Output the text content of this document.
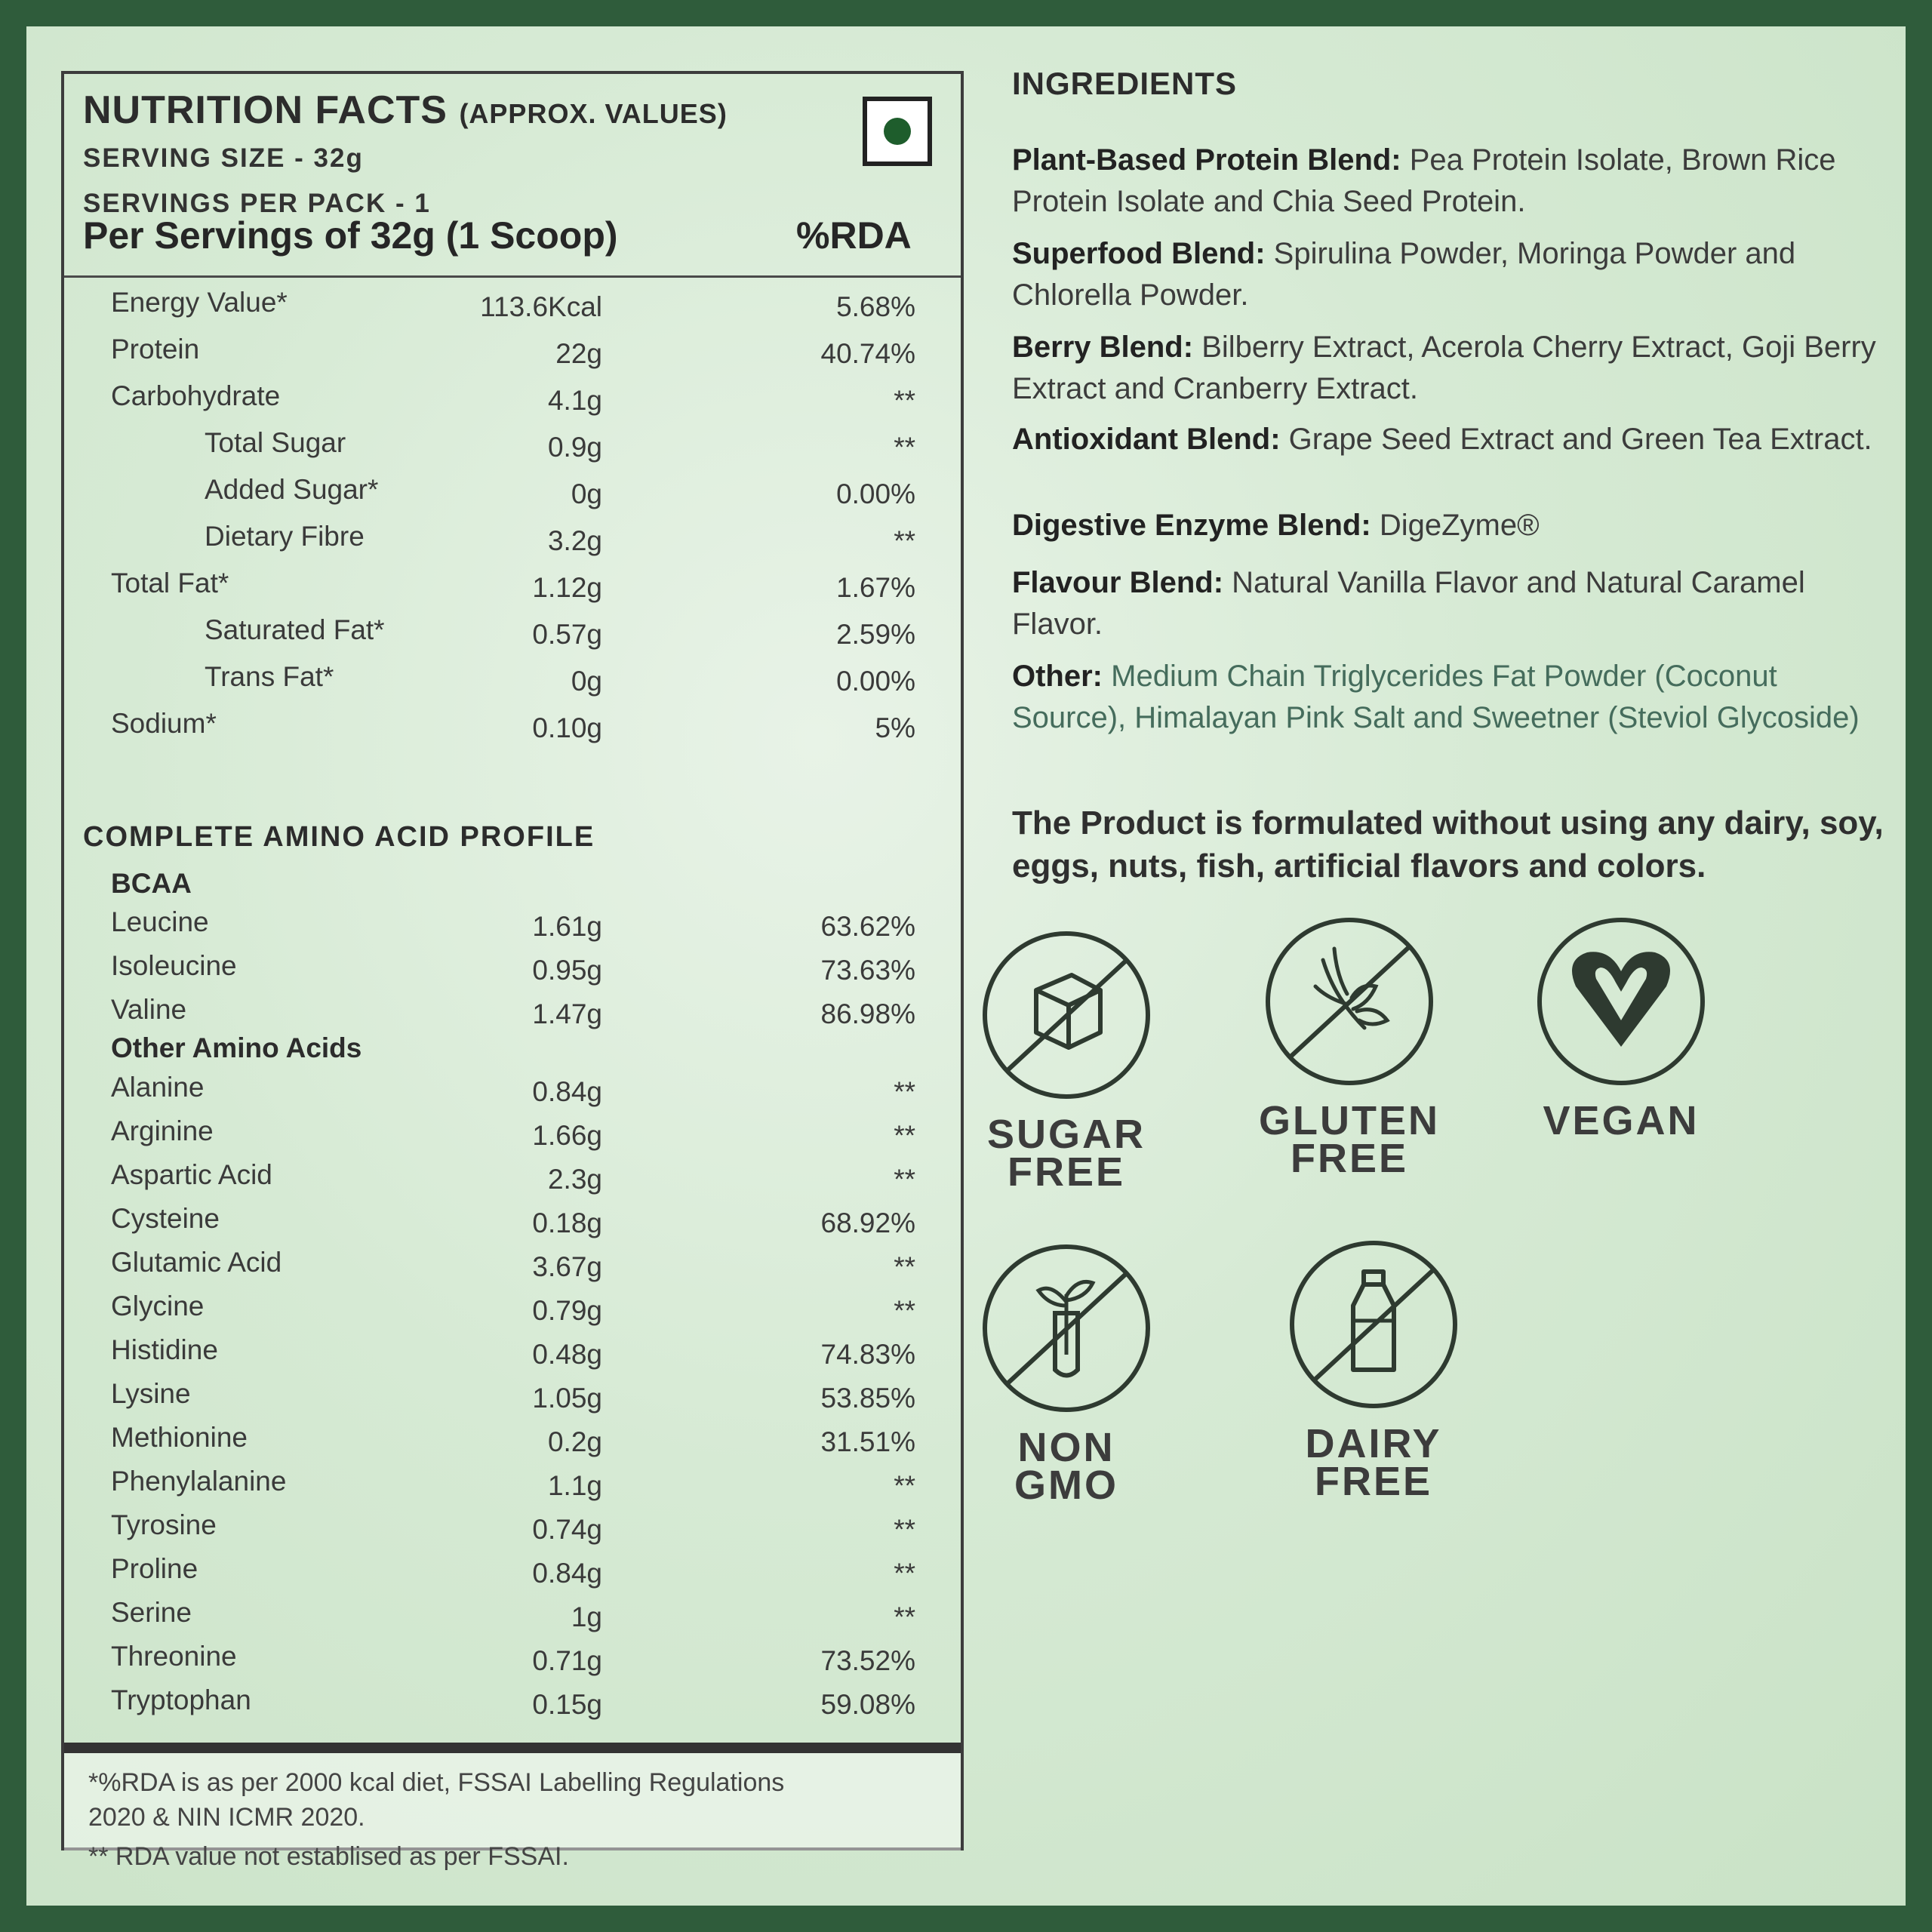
NUTRITION FACTS (APPROX. VALUES)
SERVING SIZE - 32g
SERVINGS PER PACK - 1
Per Servings of 32g (1 Scoop)	%RDA
Energy Value*	113.6Kcal	5.68%
Protein	22g	40.74%
Carbohydrate	4.1g	**
Total Sugar	0.9g	**
Added Sugar*	0g	0.00%
Dietary Fibre	3.2g	**
Total Fat*	1.12g	1.67%
Saturated Fat*	0.57g	2.59%
Trans Fat*	0g	0.00%
Sodium*	0.10g	5%
COMPLETE AMINO ACID PROFILE
BCAA
Leucine	1.61g	63.62%
Isoleucine	0.95g	73.63%
Valine	1.47g	86.98%
Other Amino Acids
Alanine	0.84g	**
Arginine	1.66g	**
Aspartic Acid	2.3g	**
Cysteine	0.18g	68.92%
Glutamic Acid	3.67g	**
Glycine	0.79g	**
Histidine	0.48g	74.83%
Lysine	1.05g	53.85%
Methionine	0.2g	31.51%
Phenylalanine	1.1g	**
Tyrosine	0.74g	**
Proline	0.84g	**
Serine	1g	**
Threonine	0.71g	73.52%
Tryptophan	0.15g	59.08%
*%RDA is as per 2000 kcal diet, FSSAI Labelling Regulations
2020 & NIN ICMR 2020.
** RDA value not establised as per FSSAI.
INGREDIENTS
Plant-Based Protein Blend: Pea Protein Isolate, Brown Rice Protein Isolate and Chia Seed Protein.
Superfood Blend: Spirulina Powder, Moringa Powder and Chlorella Powder.
Berry Blend: Bilberry Extract, Acerola Cherry Extract, Goji Berry Extract and Cranberry Extract.
Antioxidant Blend: Grape Seed Extract and Green Tea Extract.
Digestive Enzyme Blend: DigeZyme®
Flavour Blend: Natural Vanilla Flavor and Natural Caramel Flavor.
Other: Medium Chain Triglycerides Fat Powder (Coconut Source), Himalayan Pink Salt and Sweetner (Steviol Glycoside)
The Product is formulated without using any dairy, soy, eggs, nuts, fish, artificial flavors and colors.
SUGAR
FREE
GLUTEN
FREE
VEGAN
NON
GMO
DAIRY
FREE
